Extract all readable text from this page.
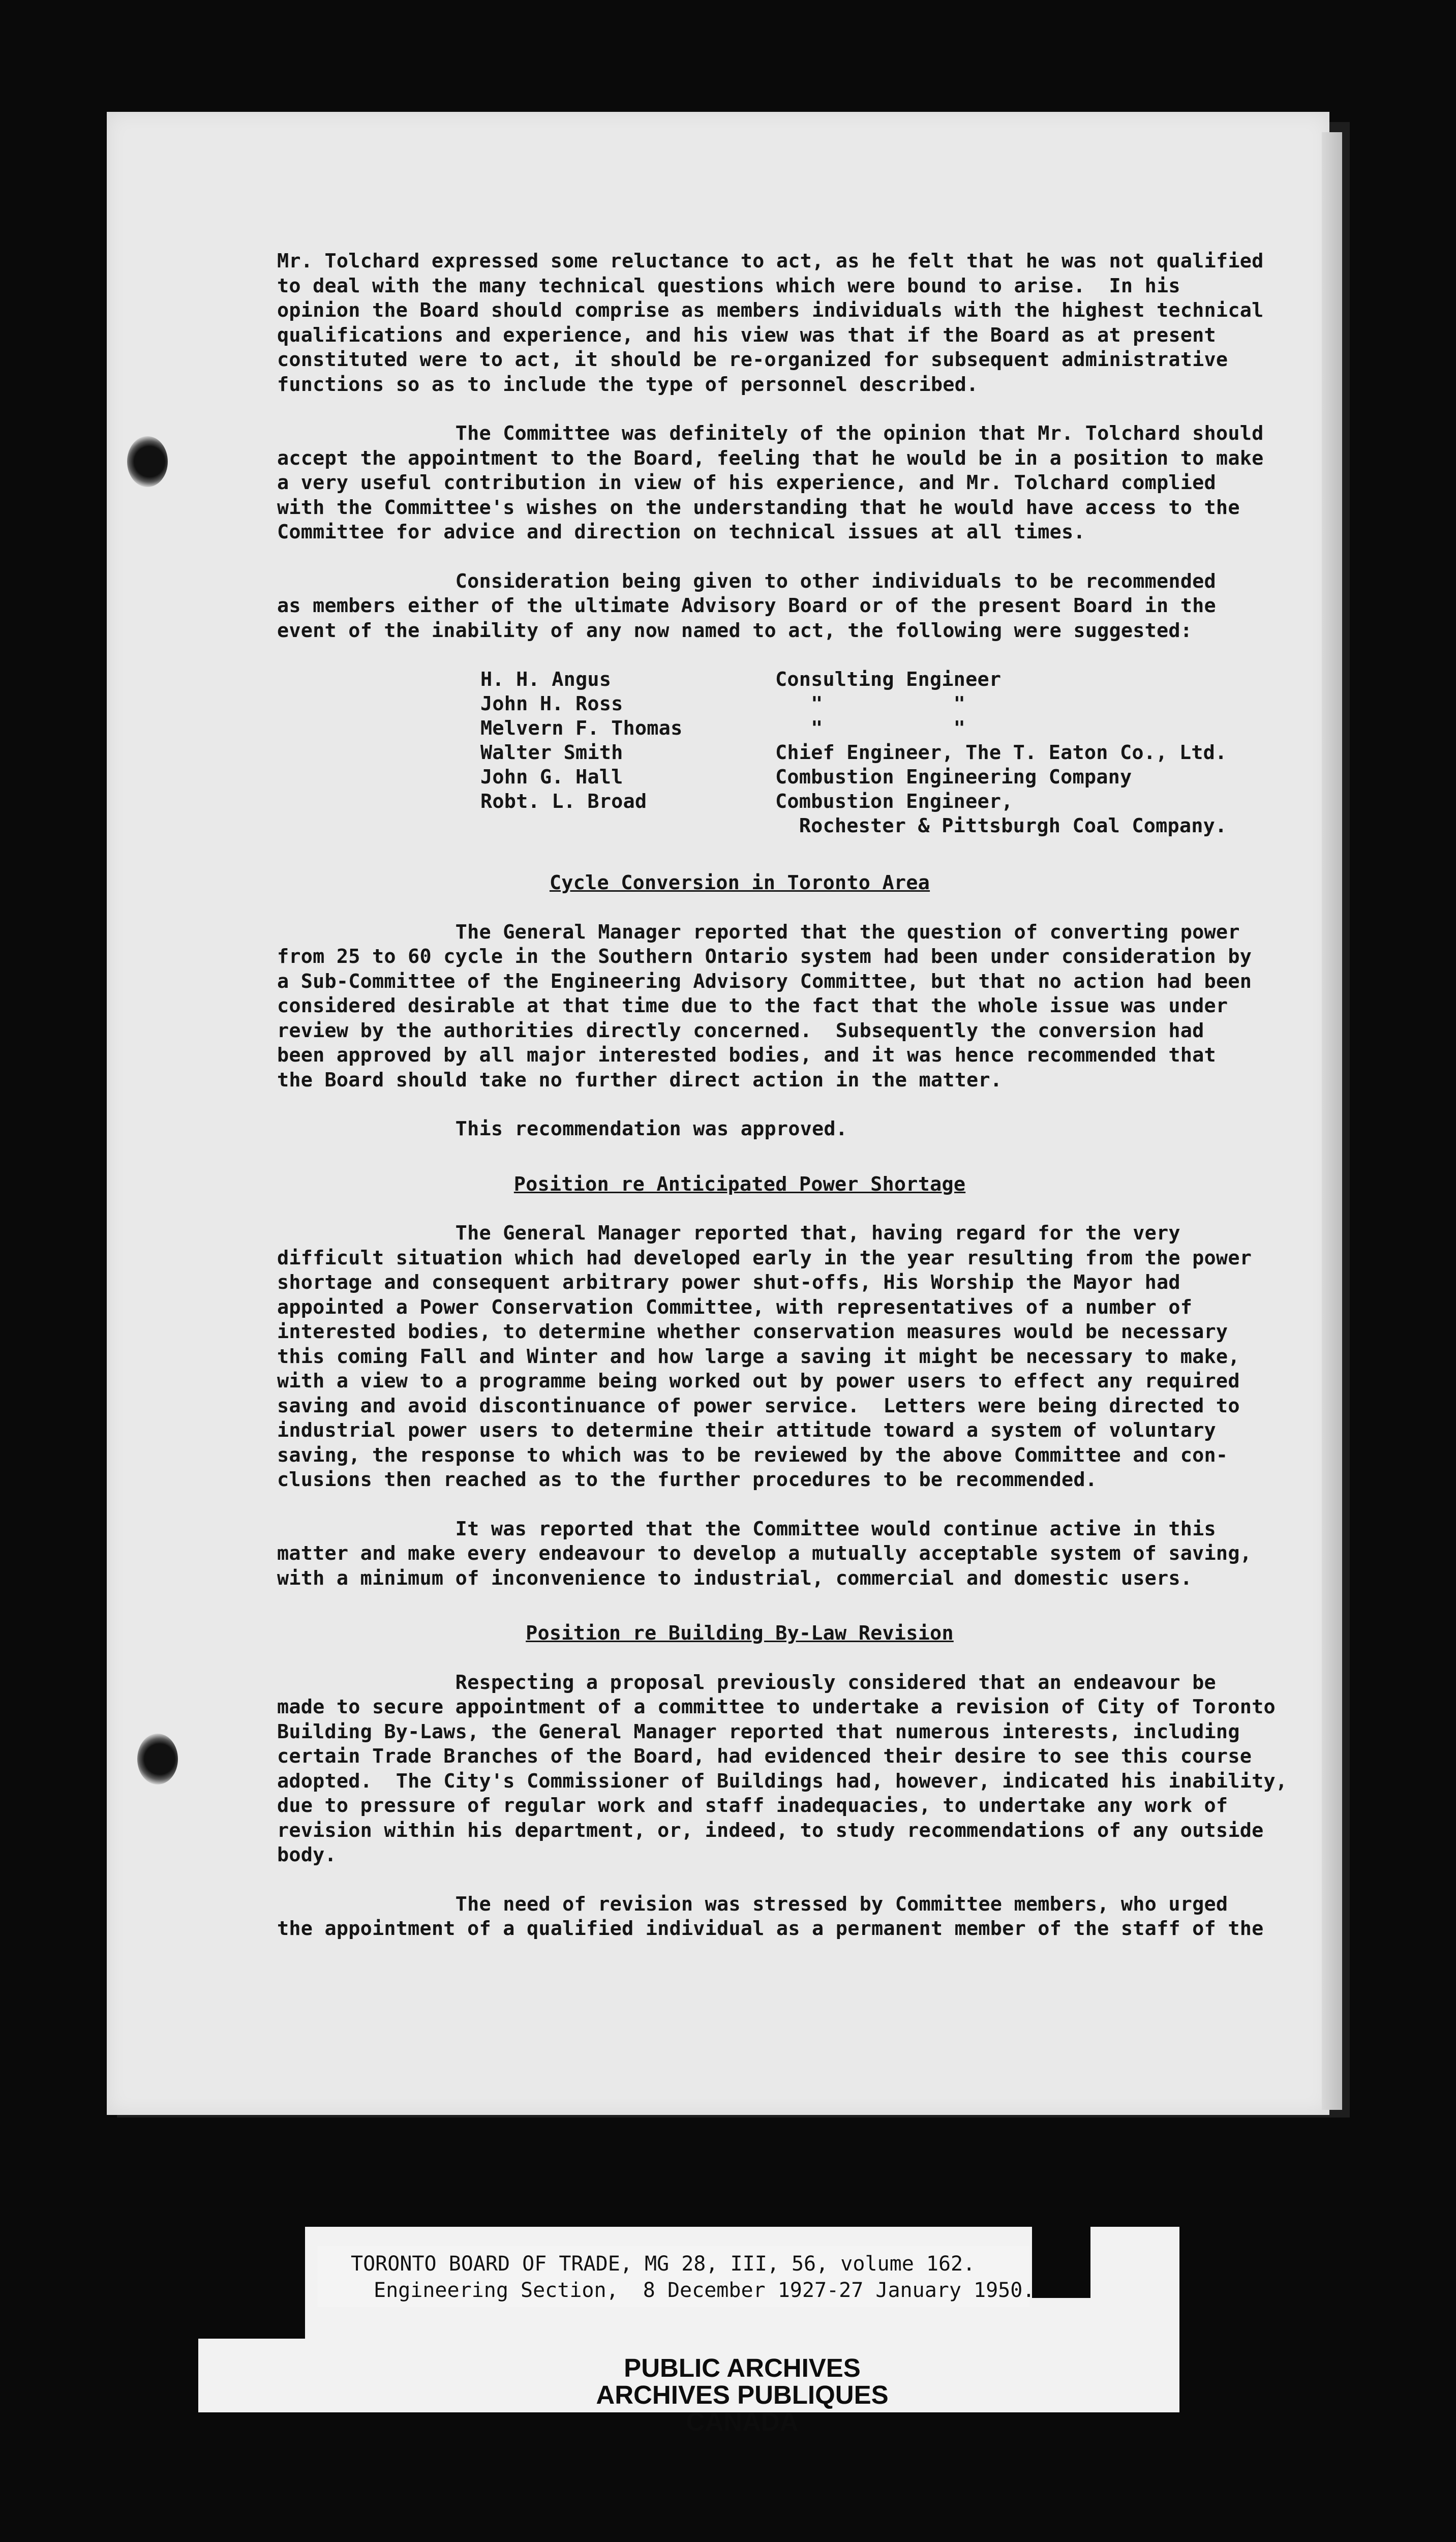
Mr. Tolchard expressed some reluctance to act, as he felt that he was not qualified

to deal with the many technical questions which were bound to arise.  In his

opinion the Board should comprise as members individuals with the highest technical

qualifications and experience, and his view was that if the Board as at present

constituted were to act, it should be re-organized for subsequent administrative

functions so as to include the type of personnel described.

The Committee was definitely of the opinion that Mr. Tolchard should

accept the appointment to the Board, feeling that he would be in a position to make

a very useful contribution in view of his experience, and Mr. Tolchard complied

with the Committee's wishes on the understanding that he would have access to the

Committee for advice and direction on technical issues at all times.

Consideration being given to other individuals to be recommended

as members either of the ultimate Advisory Board or of the present Board in the

event of the inability of any now named to act, the following were suggested:

H. H. Angus	Consulting Engineer
John H. Ross	"           "
Melvern F. Thomas	"           "
Walter Smith	Chief Engineer, The T. Eaton Co., Ltd.
John G. Hall	Combustion Engineering Company
Robt. L. Broad	Combustion Engineer,
Rochester & Pittsburgh Coal Company.

Cycle Conversion in Toronto Area

The General Manager reported that the question of converting power

from 25 to 60 cycle in the Southern Ontario system had been under consideration by

a Sub-Committee of the Engineering Advisory Committee, but that no action had been

considered desirable at that time due to the fact that the whole issue was under

review by the authorities directly concerned.  Subsequently the conversion had

been approved by all major interested bodies, and it was hence recommended that

the Board should take no further direct action in the matter.

This recommendation was approved.

Position re Anticipated Power Shortage

The General Manager reported that, having regard for the very

difficult situation which had developed early in the year resulting from the power

shortage and consequent arbitrary power shut-offs, His Worship the Mayor had

appointed a Power Conservation Committee, with representatives of a number of

interested bodies, to determine whether conservation measures would be necessary

this coming Fall and Winter and how large a saving it might be necessary to make,

with a view to a programme being worked out by power users to effect any required

saving and avoid discontinuance of power service.  Letters were being directed to

industrial power users to determine their attitude toward a system of voluntary

saving, the response to which was to be reviewed by the above Committee and con-

clusions then reached as to the further procedures to be recommended.

It was reported that the Committee would continue active in this

matter and make every endeavour to develop a mutually acceptable system of saving,

with a minimum of inconvenience to industrial, commercial and domestic users.

Position re Building By-Law Revision

Respecting a proposal previously considered that an endeavour be

made to secure appointment of a committee to undertake a revision of City of Toronto

Building By-Laws, the General Manager reported that numerous interests, including

certain Trade Branches of the Board, had evidenced their desire to see this course

adopted.  The City's Commissioner of Buildings had, however, indicated his inability,

due to pressure of regular work and staff inadequacies, to undertake any work of

revision within his department, or, indeed, to study recommendations of any outside

body.

The need of revision was stressed by Committee members, who urged

the appointment of a qualified individual as a permanent member of the staff of the

TORONTO BOARD OF TRADE, MG 28, III, 56, volume 162.
Engineering Section,  8 December 1927-27 January 1950.
PUBLIC ARCHIVES
ARCHIVES PUBLIQUES
CANADA
